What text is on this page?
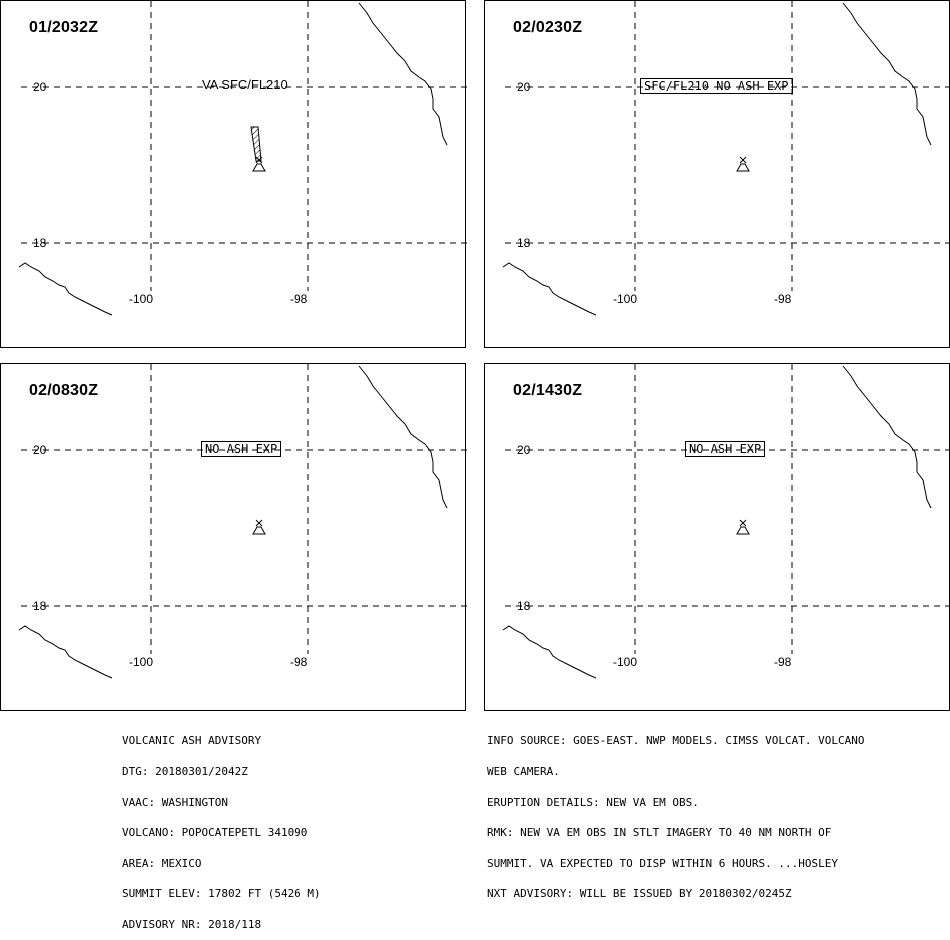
01/2032Z
20
18
-100	-98
VA SFC/FL210
02/0230Z
20
18
-100	-98
SFC/FL210 NO ASH EXP
02/0830Z
20
18
-100	-98
NO ASH EXP
02/1430Z
20
18
-100	-98
NO ASH EXP

VOLCANIC ASH ADVISORY

DTG: 20180301/2042Z

VAAC: WASHINGTON

VOLCANO: POPOCATEPETL 341090

AREA: MEXICO

SUMMIT ELEV: 17802 FT (5426 M)

ADVISORY NR: 2018/118

INFO SOURCE: GOES-EAST. NWP MODELS. CIMSS VOLCAT. VOLCANO

WEB CAMERA.

ERUPTION DETAILS: NEW VA EM OBS.

RMK: NEW VA EM OBS IN STLT IMAGERY TO 40 NM NORTH OF

SUMMIT. VA EXPECTED TO DISP WITHIN 6 HOURS. ...HOSLEY

NXT ADVISORY: WILL BE ISSUED BY 20180302/0245Z
